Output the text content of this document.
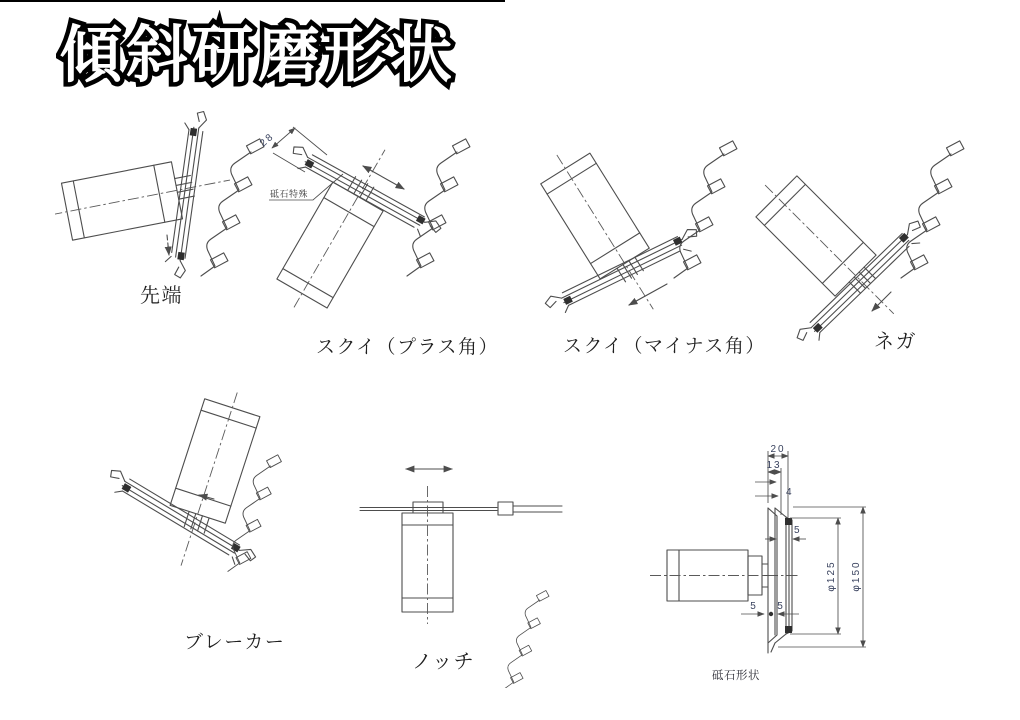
傾斜研磨形状
28
砥石特殊
20
13
4
5
φ125 φ150
5 5
先端
スクイ（プラス角）	スクイ（マイナス角）	ネガ
ブレーカー
ノッチ
砥石形状
